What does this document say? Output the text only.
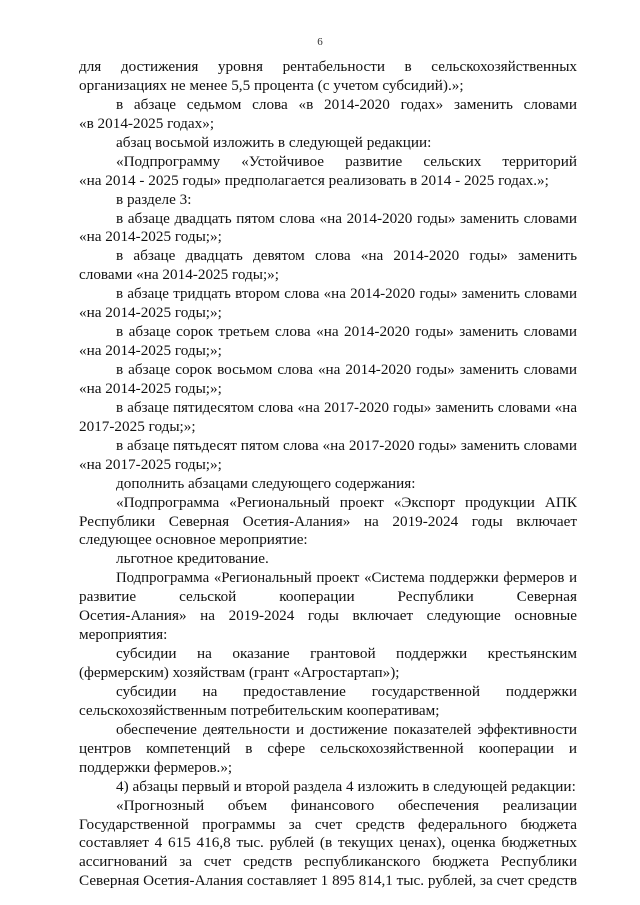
6
для достижения уровня рентабельности в сельскохозяйственных
организациях не менее 5,5 процента (с учетом субсидий).»;
в абзаце седьмом слова «в 2014-2020 годах» заменить словами
«в 2014-2025 годах»;
абзац восьмой изложить в следующей редакции:
«Подпрограмму «Устойчивое развитие сельских территорий
«на 2014 - 2025 годы» предполагается реализовать в 2014 - 2025 годах.»;
в разделе 3:
в абзаце двадцать пятом слова «на 2014-2020 годы» заменить словами
«на 2014-2025 годы;»;
в абзаце двадцать девятом слова «на 2014-2020 годы» заменить
словами «на 2014-2025 годы;»;
в абзаце тридцать втором слова «на 2014-2020 годы» заменить словами
«на 2014-2025 годы;»;
в абзаце сорок третьем слова «на 2014-2020 годы» заменить словами
«на 2014-2025 годы;»;
в абзаце сорок восьмом слова «на 2014-2020 годы» заменить словами
«на 2014-2025 годы;»;
в абзаце пятидесятом слова «на 2017-2020 годы» заменить словами «на
2017-2025 годы;»;
в абзаце пятьдесят пятом слова «на 2017-2020 годы» заменить словами
«на 2017-2025 годы;»;
дополнить абзацами следующего содержания:
«Подпрограмма «Региональный проект «Экспорт продукции АПК
Республики Северная Осетия-Алания» на 2019-2024 годы включает
следующее основное мероприятие:
льготное кредитование.
Подпрограмма «Региональный проект «Система поддержки фермеров и
развитие сельской кооперации Республики Северная
Осетия-Алания» на 2019-2024 годы включает следующие основные
мероприятия:
субсидии на оказание грантовой поддержки крестьянским
(фермерским) хозяйствам (грант «Агростартап»);
субсидии на предоставление государственной поддержки
сельскохозяйственным потребительским кооперативам;
обеспечение деятельности и достижение показателей эффективности
центров компетенций в сфере сельскохозяйственной кооперации и
поддержки фермеров.»;
4) абзацы первый и второй раздела 4 изложить в следующей редакции:
«Прогнозный объем финансового обеспечения реализации
Государственной программы за счет средств федерального бюджета
составляет 4 615 416,8 тыс. рублей (в текущих ценах), оценка бюджетных
ассигнований за счет средств республиканского бюджета Республики
Северная Осетия-Алания составляет 1 895 814,1 тыс. рублей, за счет средств
